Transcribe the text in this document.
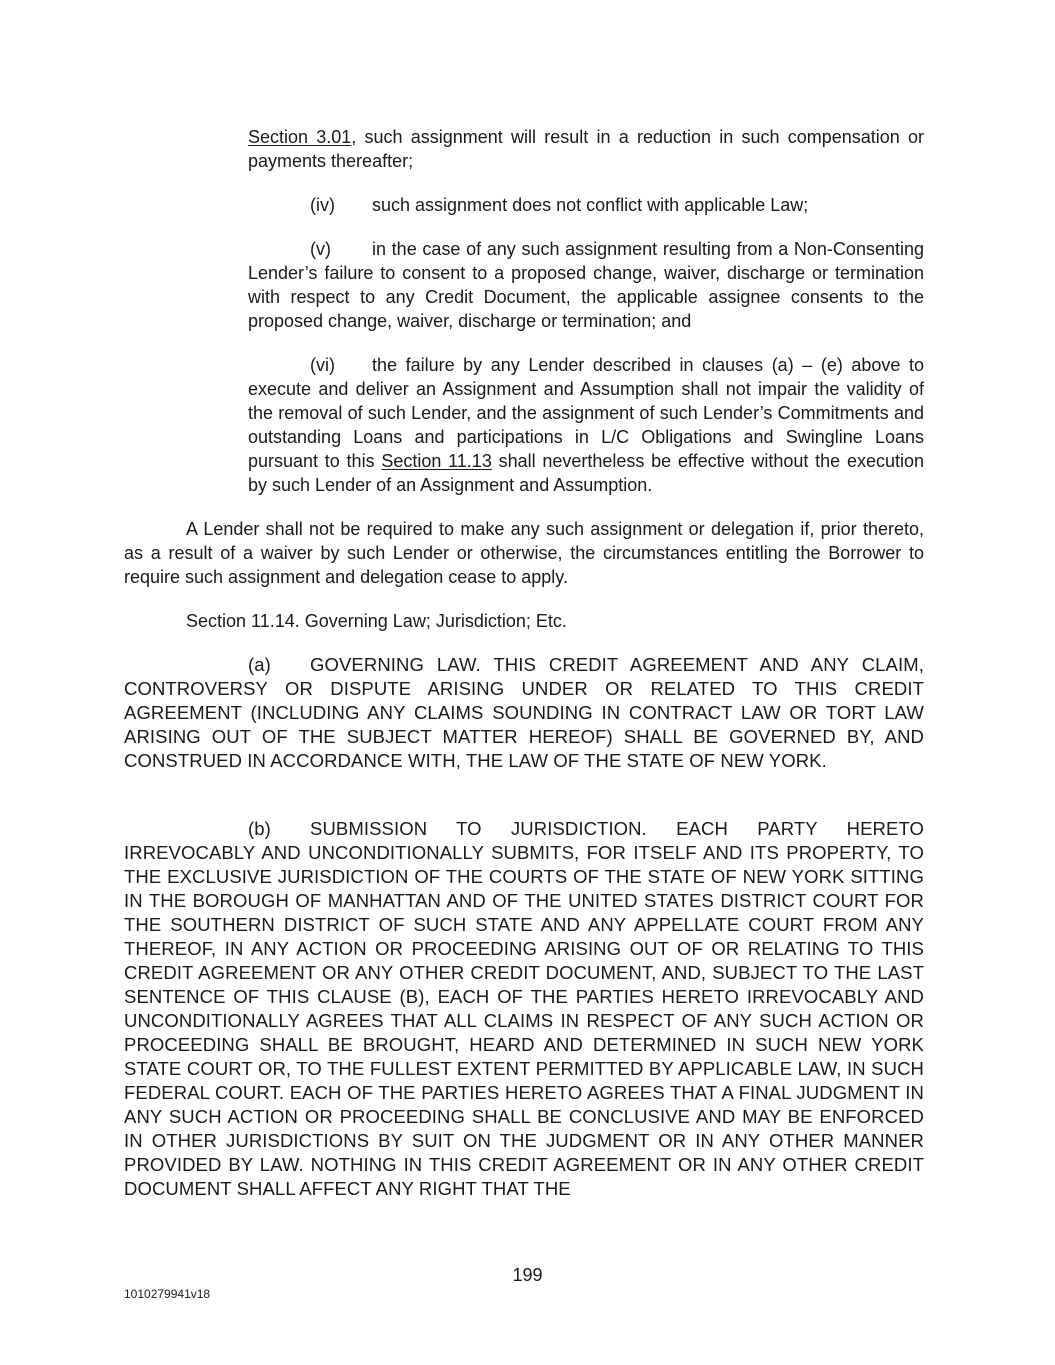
Section 3.01, such assignment will result in a reduction in such compensation or payments thereafter;

(iv) such assignment does not conflict with applicable Law;

(v) in the case of any such assignment resulting from a Non-Consenting Lender’s failure to consent to a proposed change, waiver, discharge or termination with respect to any Credit Document, the applicable assignee consents to the proposed change, waiver, discharge or termination; and

(vi) the failure by any Lender described in clauses (a) – (e) above to execute and deliver an Assignment and Assumption shall not impair the validity of the removal of such Lender, and the assignment of such Lender’s Commitments and outstanding Loans and participations in L/C Obligations and Swingline Loans pursuant to this Section 11.13 shall nevertheless be effective without the execution by such Lender of an Assignment and Assumption.

A Lender shall not be required to make any such assignment or delegation if, prior thereto, as a result of a waiver by such Lender or otherwise, the circumstances entitling the Borrower to require such assignment and delegation cease to apply.

Section 11.14. Governing Law; Jurisdiction; Etc.

(a) GOVERNING LAW. THIS CREDIT AGREEMENT AND ANY CLAIM, CONTROVERSY OR DISPUTE ARISING UNDER OR RELATED TO THIS CREDIT AGREEMENT (INCLUDING ANY CLAIMS SOUNDING IN CONTRACT LAW OR TORT LAW ARISING OUT OF THE SUBJECT MATTER HEREOF) SHALL BE GOVERNED BY, AND CONSTRUED IN ACCORDANCE WITH, THE LAW OF THE STATE OF NEW YORK.

(b) SUBMISSION TO JURISDICTION. EACH PARTY HERETO IRREVOCABLY AND UNCONDITIONALLY SUBMITS, FOR ITSELF AND ITS PROPERTY, TO THE EXCLUSIVE JURISDICTION OF THE COURTS OF THE STATE OF NEW YORK SITTING IN THE BOROUGH OF MANHATTAN AND OF THE UNITED STATES DISTRICT COURT FOR THE SOUTHERN DISTRICT OF SUCH STATE AND ANY APPELLATE COURT FROM ANY THEREOF, IN ANY ACTION OR PROCEEDING ARISING OUT OF OR RELATING TO THIS CREDIT AGREEMENT OR ANY OTHER CREDIT DOCUMENT, AND, SUBJECT TO THE LAST SENTENCE OF THIS CLAUSE (B), EACH OF THE PARTIES HERETO IRREVOCABLY AND UNCONDITIONALLY AGREES THAT ALL CLAIMS IN RESPECT OF ANY SUCH ACTION OR PROCEEDING SHALL BE BROUGHT, HEARD AND DETERMINED IN SUCH NEW YORK STATE COURT OR, TO THE FULLEST EXTENT PERMITTED BY APPLICABLE LAW, IN SUCH FEDERAL COURT. EACH OF THE PARTIES HERETO AGREES THAT A FINAL JUDGMENT IN ANY SUCH ACTION OR PROCEEDING SHALL BE CONCLUSIVE AND MAY BE ENFORCED IN OTHER JURISDICTIONS BY SUIT ON THE JUDGMENT OR IN ANY OTHER MANNER PROVIDED BY LAW. NOTHING IN THIS CREDIT AGREEMENT OR IN ANY OTHER CREDIT DOCUMENT SHALL AFFECT ANY RIGHT THAT THE

199
1010279941v18
